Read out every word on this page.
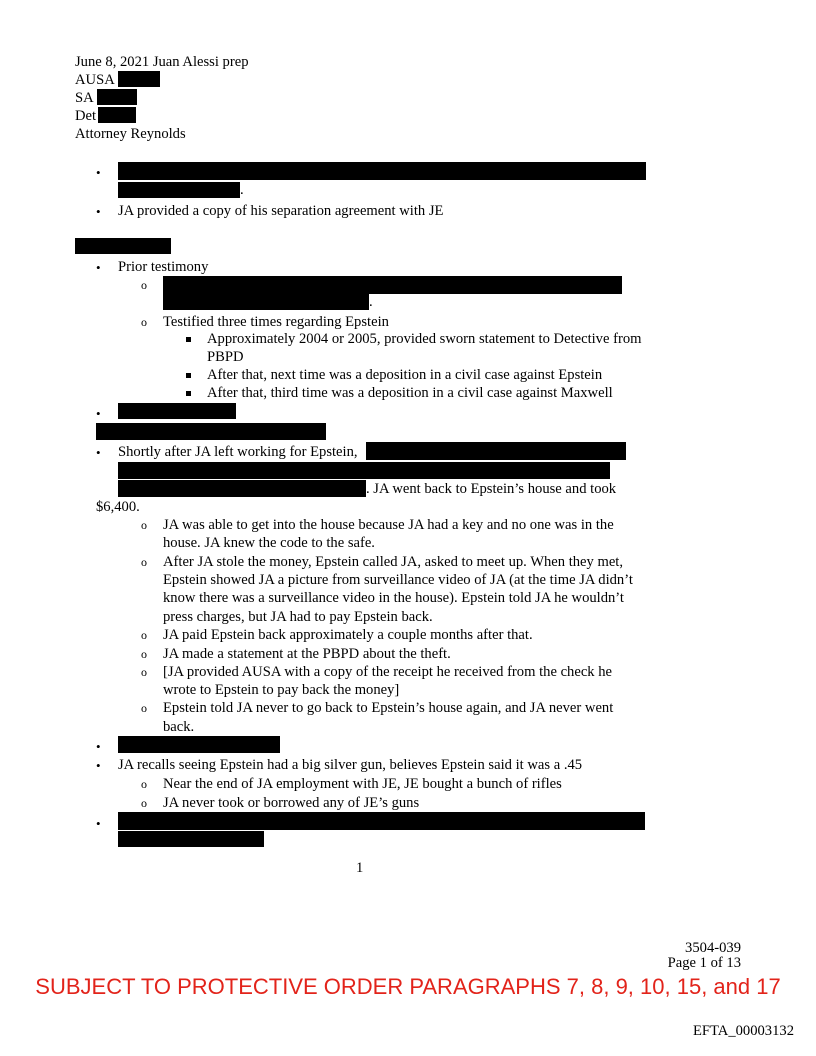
June 8, 2021 Juan Alessi prep
AUSA
SA
Det
Attorney Reynolds
•
.
• JA provided a copy of his separation agreement with JE
• Prior testimony
o
.
o Testified three times regarding Epstein
Approximately 2004 or 2005, provided sworn statement to Detective from
PBPD
After that, next time was a deposition in a civil case against Epstein
After that, third time was a deposition in a civil case against Maxwell
•
• Shortly after JA left working for Epstein,
. JA went back to Epstein’s house and took
$6,400.
o JA was able to get into the house because JA had a key and no one was in the
house. JA knew the code to the safe.
o After JA stole the money, Epstein called JA, asked to meet up. When they met,
Epstein showed JA a picture from surveillance video of JA (at the time JA didn’t
know there was a surveillance video in the house). Epstein told JA he wouldn’t
press charges, but JA had to pay Epstein back.
o JA paid Epstein back approximately a couple months after that.
o JA made a statement at the PBPD about the theft.
o [JA provided AUSA with a copy of the receipt he received from the check he
wrote to Epstein to pay back the money]
o Epstein told JA never to go back to Epstein’s house again, and JA never went
back.
•
• JA recalls seeing Epstein had a big silver gun, believes Epstein said it was a .45
o Near the end of JA employment with JE, JE bought a bunch of rifles
o JA never took or borrowed any of JE’s guns
•
1
3504-039
Page 1 of 13
SUBJECT TO PROTECTIVE ORDER PARAGRAPHS 7, 8, 9, 10, 15, and 17
EFTA_00003132
